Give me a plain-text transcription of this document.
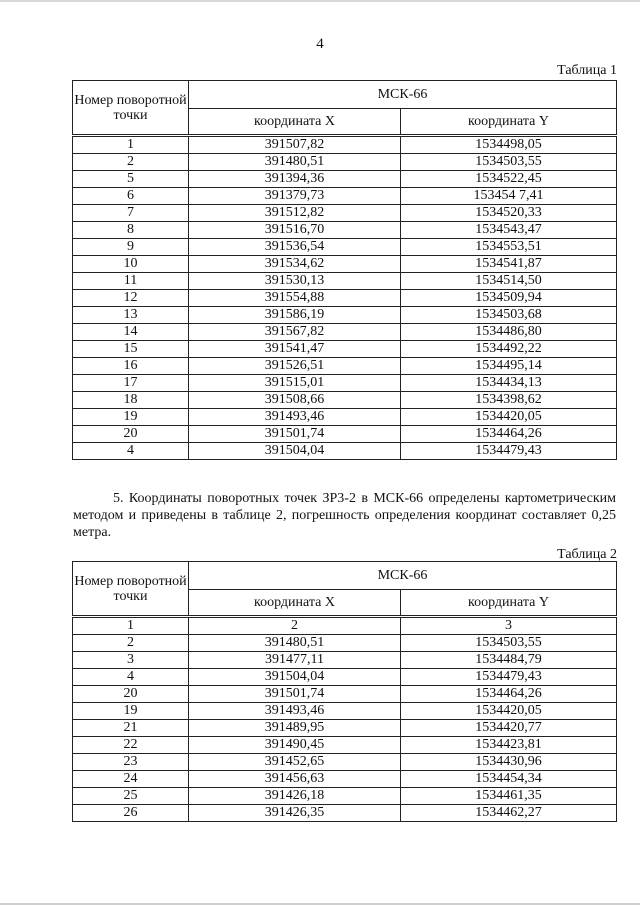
4
Таблица 1
Номер поворотной точки	МСК-66	
	координата X	координата Y
1	391507,82	1534498,05
2	391480,51	1534503,55
5	391394,36	1534522,45
6	391379,73	153454 7,41
7	391512,82	1534520,33
8	391516,70	1534543,47
9	391536,54	1534553,51
10	391534,62	1534541,87
11	391530,13	1534514,50
12	391554,88	1534509,94
13	391586,19	1534503,68
14	391567,82	1534486,80
15	391541,47	1534492,22
16	391526,51	1534495,14
17	391515,01	1534434,13
18	391508,66	1534398,62
19	391493,46	1534420,05
20	391501,74	1534464,26
4	391504,04	1534479,43
5. Координаты поворотных точек ЗР3-2 в МСК-66 определены картометрическим методом и приведены в таблице 2, погрешность определения координат составляет 0,25 метра.
Таблица 2
Номер поворотной точки	МСК-66	
	координата X	координата Y
1	2	3
2	391480,51	1534503,55
3	391477,11	1534484,79
4	391504,04	1534479,43
20	391501,74	1534464,26
19	391493,46	1534420,05
21	391489,95	1534420,77
22	391490,45	1534423,81
23	391452,65	1534430,96
24	391456,63	1534454,34
25	391426,18	1534461,35
26	391426,35	1534462,27
